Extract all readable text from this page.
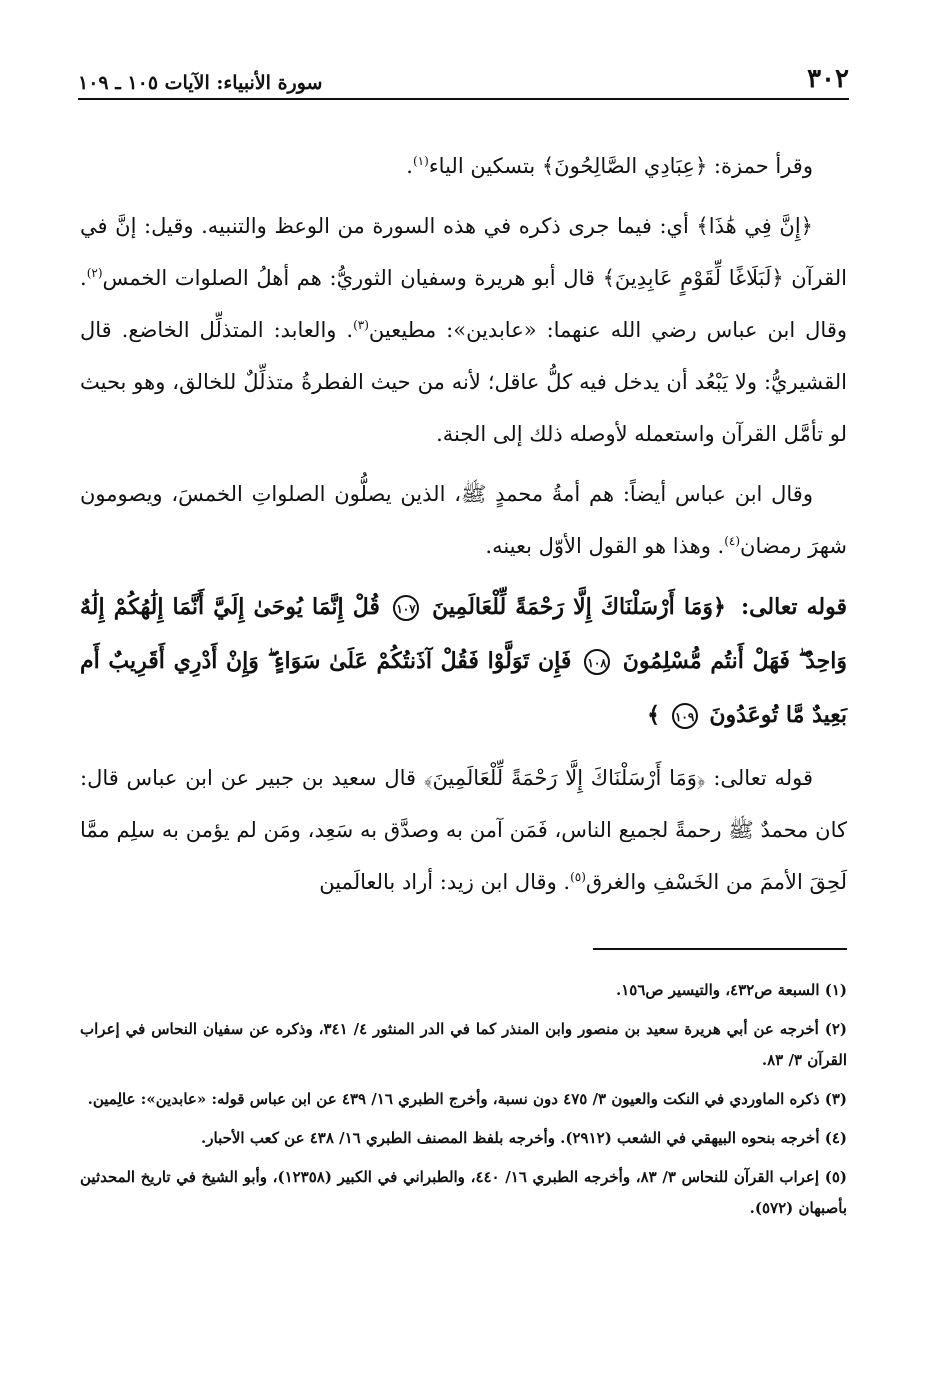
٣٠٢
سورة الأنبياء: الآيات ١٠٥ ـ ١٠٩

وقرأ حمزة: ﴿عِبَادِي الصَّالِحُونَ﴾ بتسكين الياء$^{(١)}$.

﴿إِنَّ فِي هَٰذَا﴾ أي: فيما جرى ذكره في هذه السورة من الوعظ والتنبيه. وقيل: إنَّ في القرآن ﴿لَبَلَاغًا لِّقَوْمٍ عَابِدِينَ﴾ قال أبو هريرة وسفيان الثوريُّ: هم أهلُ الصلوات الخمس$^{(٢)}$. وقال ابن عباس رضي الله عنهما: «عابدين»: مطيعين$^{(٣)}$. والعابد: المتذلِّل الخاضع. قال القشيريُّ: ولا يَبْعُد أن يدخل فيه كلُّ عاقل؛ لأنه من حيث الفطرةُ متذلِّلٌ للخالق، وهو بحيث لو تأمَّل القرآن واستعمله لأوصله ذلك إلى الجنة.

وقال ابن عباس أيضاً: هم أمةُ محمدٍ ﷺ، الذين يصلُّون الصلواتِ الخمسَ، ويصومون شهرَ رمضان$^{(٤)}$. وهذا هو القول الأوّل بعينه.

قوله تعالى: ﴿وَمَا أَرْسَلْنَاكَ إِلَّا رَحْمَةً لِّلْعَالَمِينَ ١٠٧ قُلْ إِنَّمَا يُوحَىٰ إِلَيَّ أَنَّمَا إِلَٰهُكُمْ إِلَٰهٌ وَاحِدٌ ۖ فَهَلْ أَنتُم مُّسْلِمُونَ ١٠٨ فَإِن تَوَلَّوْا فَقُلْ آذَنتُكُمْ عَلَىٰ سَوَاءٍ ۖ وَإِنْ أَدْرِي أَقَرِيبٌ أَم بَعِيدٌ مَّا تُوعَدُونَ ١٠٩ ﴾

قوله تعالى: ﴿وَمَا أَرْسَلْنَاكَ إِلَّا رَحْمَةً لِّلْعَالَمِينَ﴾ قال سعيد بن جبير عن ابن عباس قال: كان محمدٌ ﷺ رحمةً لجميع الناس، فَمَن آمن به وصدَّق به سَعِد، ومَن لم يؤمن به سلِم ممَّا لَحِقَ الأممَ من الخَسْفِ والغرق$^{(٥)}$. وقال ابن زيد: أراد بالعالَمين

(١) السبعة ص٤٣٢، والتيسير ص١٥٦.

(٢) أخرجه عن أبي هريرة سعيد بن منصور وابن المنذر كما في الدر المنثور ٤/ ٣٤١، وذكره عن سفيان النحاس في إعراب القرآن ٣/ ٨٣.

(٣) ذكره الماوردي في النكت والعيون ٣/ ٤٧٥ دون نسبة، وأخرج الطبري ١٦/ ٤٣٩ عن ابن عباس قوله: «عابدين»: عالِمين.

(٤) أخرجه بنحوه البيهقي في الشعب (٢٩١٢). وأخرجه بلفظ المصنف الطبري ١٦/ ٤٣٨ عن كعب الأحبار.

(٥) إعراب القرآن للنحاس ٣/ ٨٣، وأخرجه الطبري ١٦/ ٤٤٠، والطبراني في الكبير (١٢٣٥٨)، وأبو الشيخ في تاريخ المحدثين بأصبهان (٥٧٢).
